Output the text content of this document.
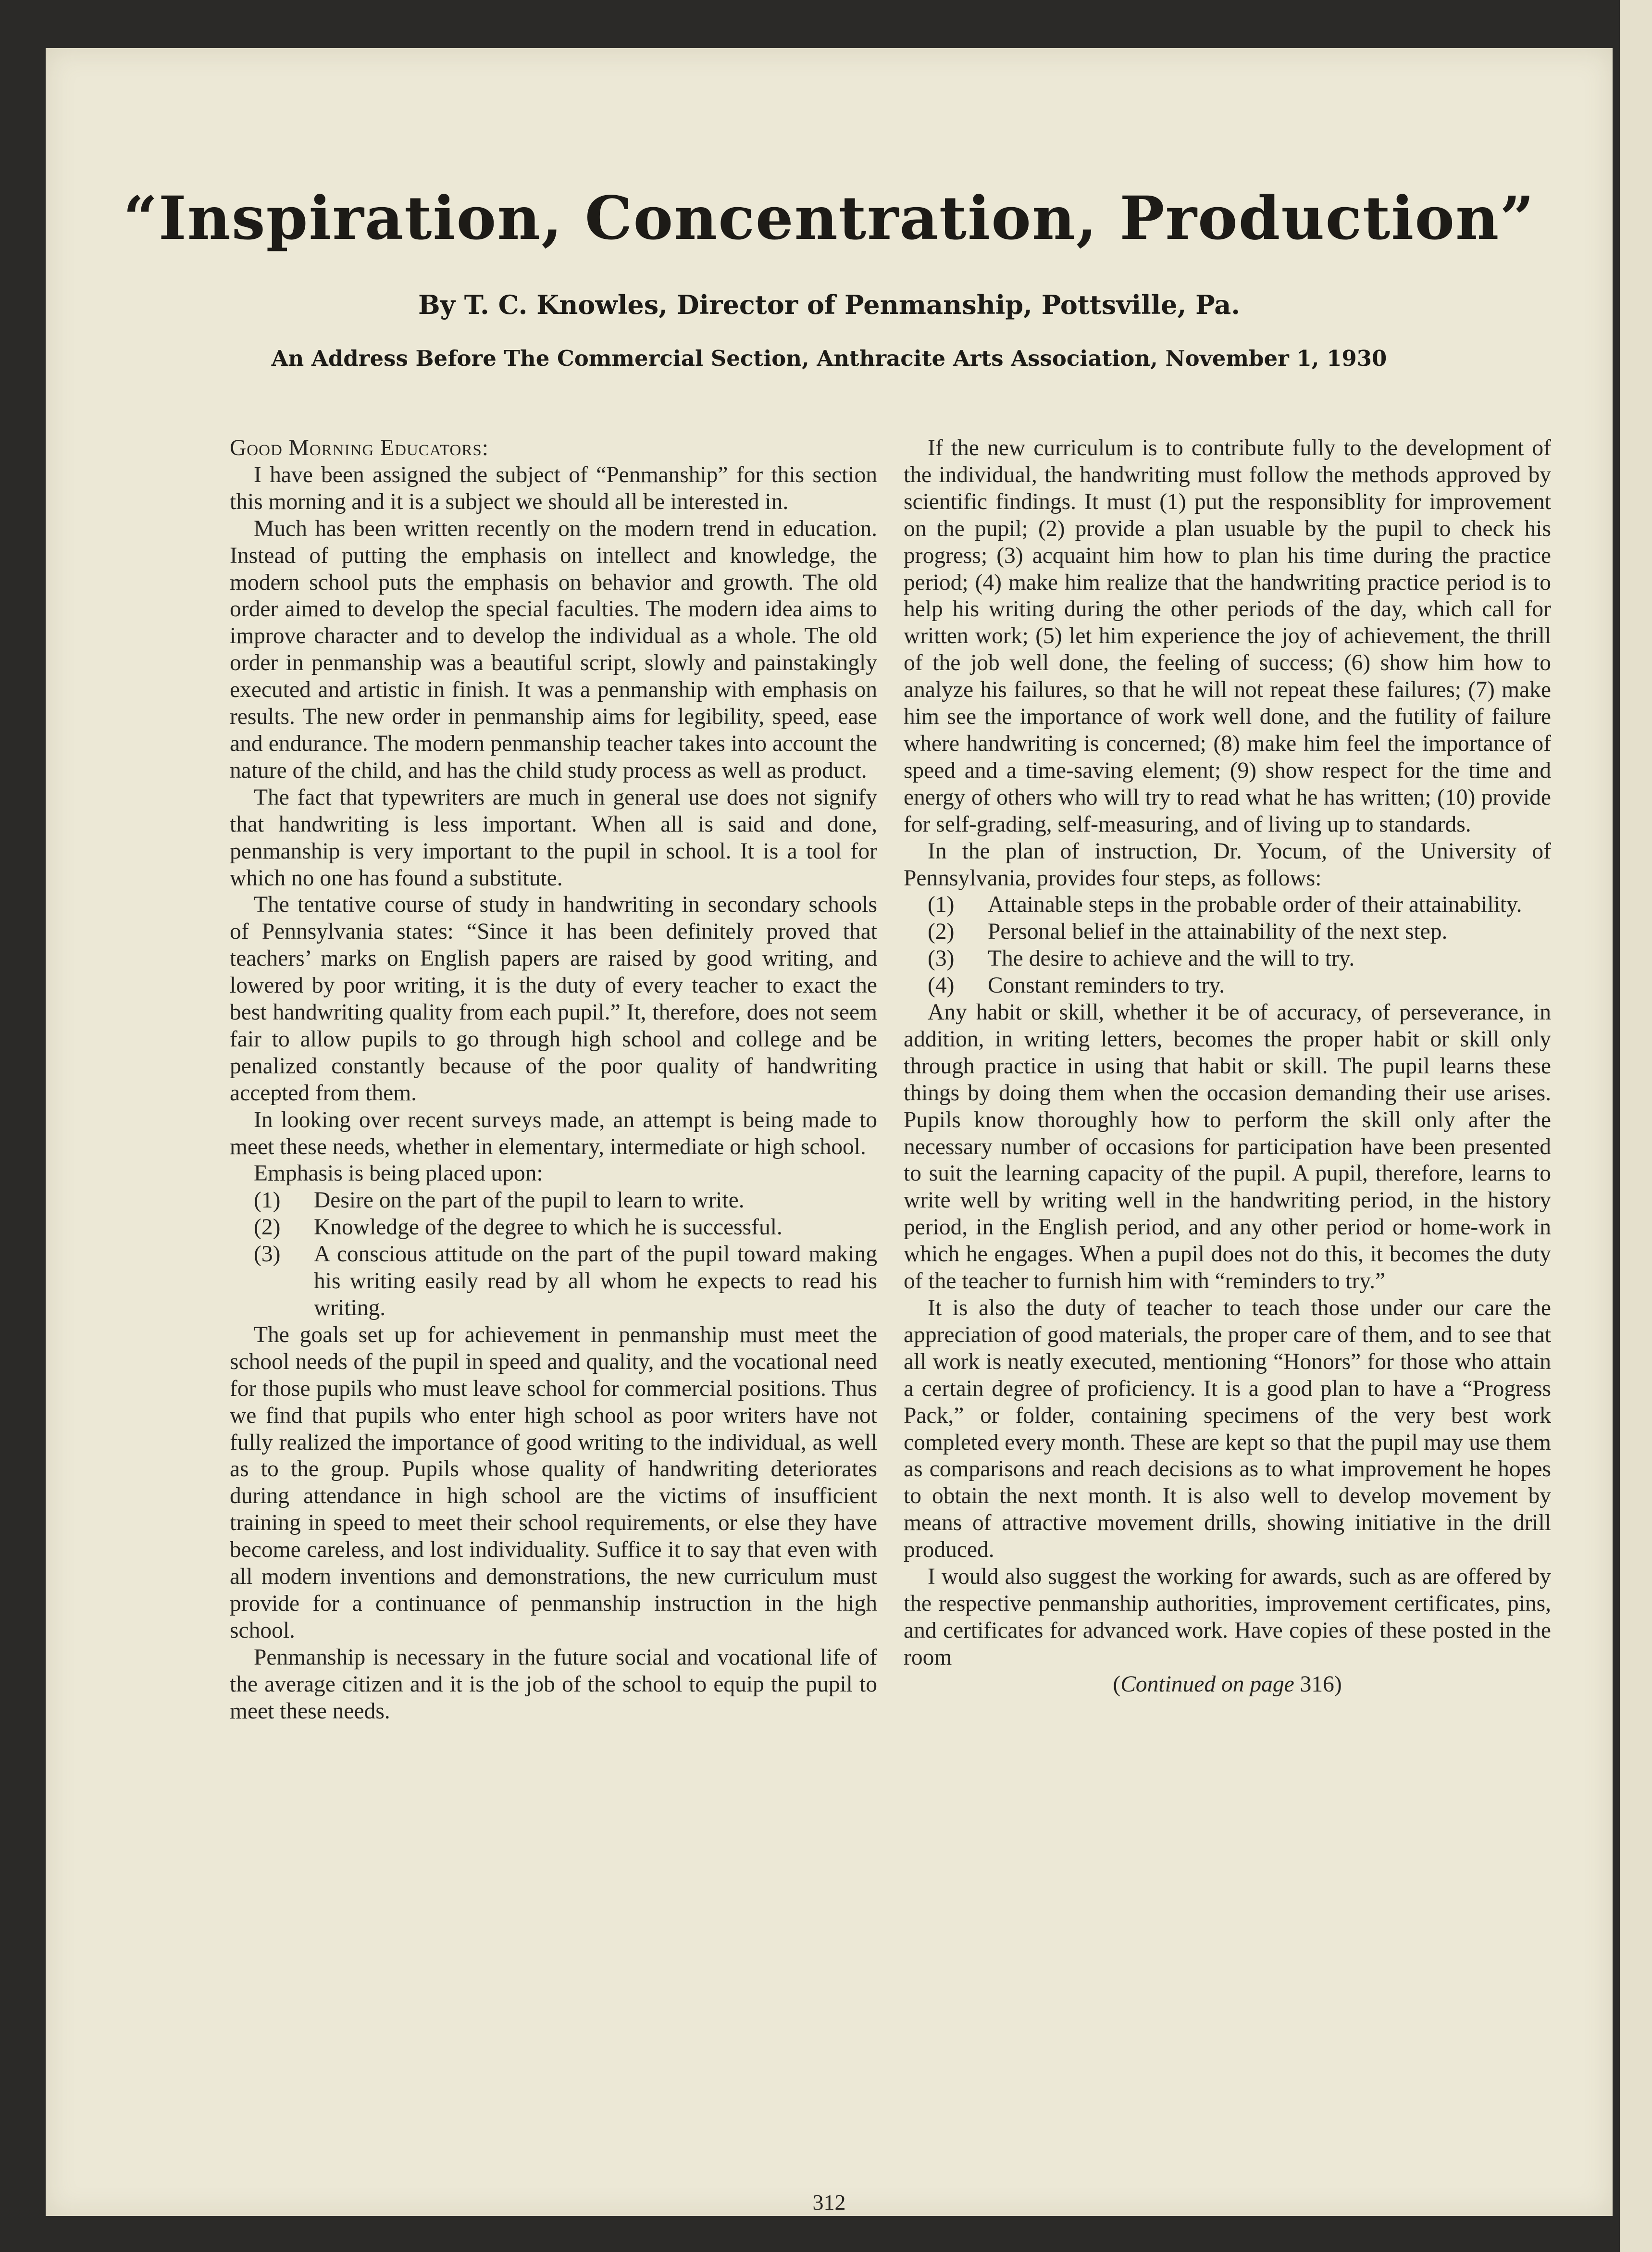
“Inspiration, Concentration, Production”
By T. C. Knowles, Director of Penmanship, Pottsville, Pa.
An Address Before The Commercial Section, Anthracite Arts Association, November 1, 1930

Good Morning Educators:

I have been assigned the subject of “Penmanship” for this section this morning and it is a subject we should all be interested in.

Much has been written recently on the modern trend in education. Instead of putting the emphasis on intellect and knowledge, the modern school puts the emphasis on behavior and growth. The old order aimed to develop the special faculties. The modern idea aims to improve character and to develop the individual as a whole. The old order in penmanship was a beautiful script, slowly and painstakingly executed and artistic in finish. It was a penmanship with emphasis on results. The new order in penmanship aims for legibility, speed, ease and endurance. The modern penmanship teacher takes into account the nature of the child, and has the child study process as well as product.

The fact that typewriters are much in general use does not signify that handwriting is less important. When all is said and done, penmanship is very important to the pupil in school. It is a tool for which no one has found a substitute.

The tentative course of study in handwriting in secondary schools of Pennsylvania states: “Since it has been definitely proved that teachers’ marks on English papers are raised by good writing, and lowered by poor writing, it is the duty of every teacher to exact the best handwriting quality from each pupil.” It, therefore, does not seem fair to allow pupils to go through high school and college and be penalized constantly because of the poor quality of handwriting accepted from them.

In looking over recent surveys made, an attempt is being made to meet these needs, whether in elementary, intermediate or high school.

Emphasis is being placed upon:

(1) Desire on the part of the pupil to learn to write.

(2) Knowledge of the degree to which he is successful.

(3) A conscious attitude on the part of the pupil toward making his writing easily read by all whom he expects to read his writing.

The goals set up for achievement in penmanship must meet the school needs of the pupil in speed and quality, and the vocational need for those pupils who must leave school for commercial positions. Thus we find that pupils who enter high school as poor writers have not fully realized the importance of good writing to the individual, as well as to the group. Pupils whose quality of handwriting deteriorates during attendance in high school are the victims of insufficient training in speed to meet their school requirements, or else they have become careless, and lost individuality. Suffice it to say that even with all modern inventions and demonstrations, the new curriculum must provide for a continuance of penmanship instruction in the high school.

Penmanship is necessary in the future social and vocational life of the average citizen and it is the job of the school to equip the pupil to meet these needs.

If the new curriculum is to contribute fully to the development of the individual, the handwriting must follow the methods approved by scientific findings. It must (1) put the responsiblity for improvement on the pupil; (2) provide a plan usuable by the pupil to check his progress; (3) acquaint him how to plan his time during the practice period; (4) make him realize that the handwriting practice period is to help his writing during the other periods of the day, which call for written work; (5) let him experience the joy of achievement, the thrill of the job well done, the feeling of success; (6) show him how to analyze his failures, so that he will not repeat these failures; (7) make him see the importance of work well done, and the futility of failure where handwriting is concerned; (8) make him feel the importance of speed and a time-saving element; (9) show respect for the time and energy of others who will try to read what he has written; (10) provide for self-grading, self-measuring, and of living up to standards.

In the plan of instruction, Dr. Yocum, of the University of Pennsylvania, provides four steps, as follows:

(1) Attainable steps in the probable order of their attainability.

(2) Personal belief in the attainability of the next step.

(3) The desire to achieve and the will to try.

(4) Constant reminders to try.

Any habit or skill, whether it be of accuracy, of perseverance, in addition, in writing letters, becomes the proper habit or skill only through practice in using that habit or skill. The pupil learns these things by doing them when the occasion demanding their use arises. Pupils know thoroughly how to perform the skill only after the necessary number of occasions for participation have been presented to suit the learning capacity of the pupil. A pupil, therefore, learns to write well by writing well in the handwriting period, in the history period, in the English period, and any other period or home-work in which he engages. When a pupil does not do this, it becomes the duty of the teacher to furnish him with “reminders to try.”

It is also the duty of teacher to teach those under our care the appreciation of good materials, the proper care of them, and to see that all work is neatly executed, mentioning “Honors” for those who attain a certain degree of proficiency. It is a good plan to have a “Progress Pack,” or folder, containing specimens of the very best work completed every month. These are kept so that the pupil may use them as comparisons and reach decisions as to what improvement he hopes to obtain the next month. It is also well to develop movement by means of attractive movement drills, showing initiative in the drill produced.

I would also suggest the working for awards, such as are offered by the respective penmanship authorities, improvement certificates, pins, and certificates for advanced work. Have copies of these posted in the room

(Continued on page 316)

312
